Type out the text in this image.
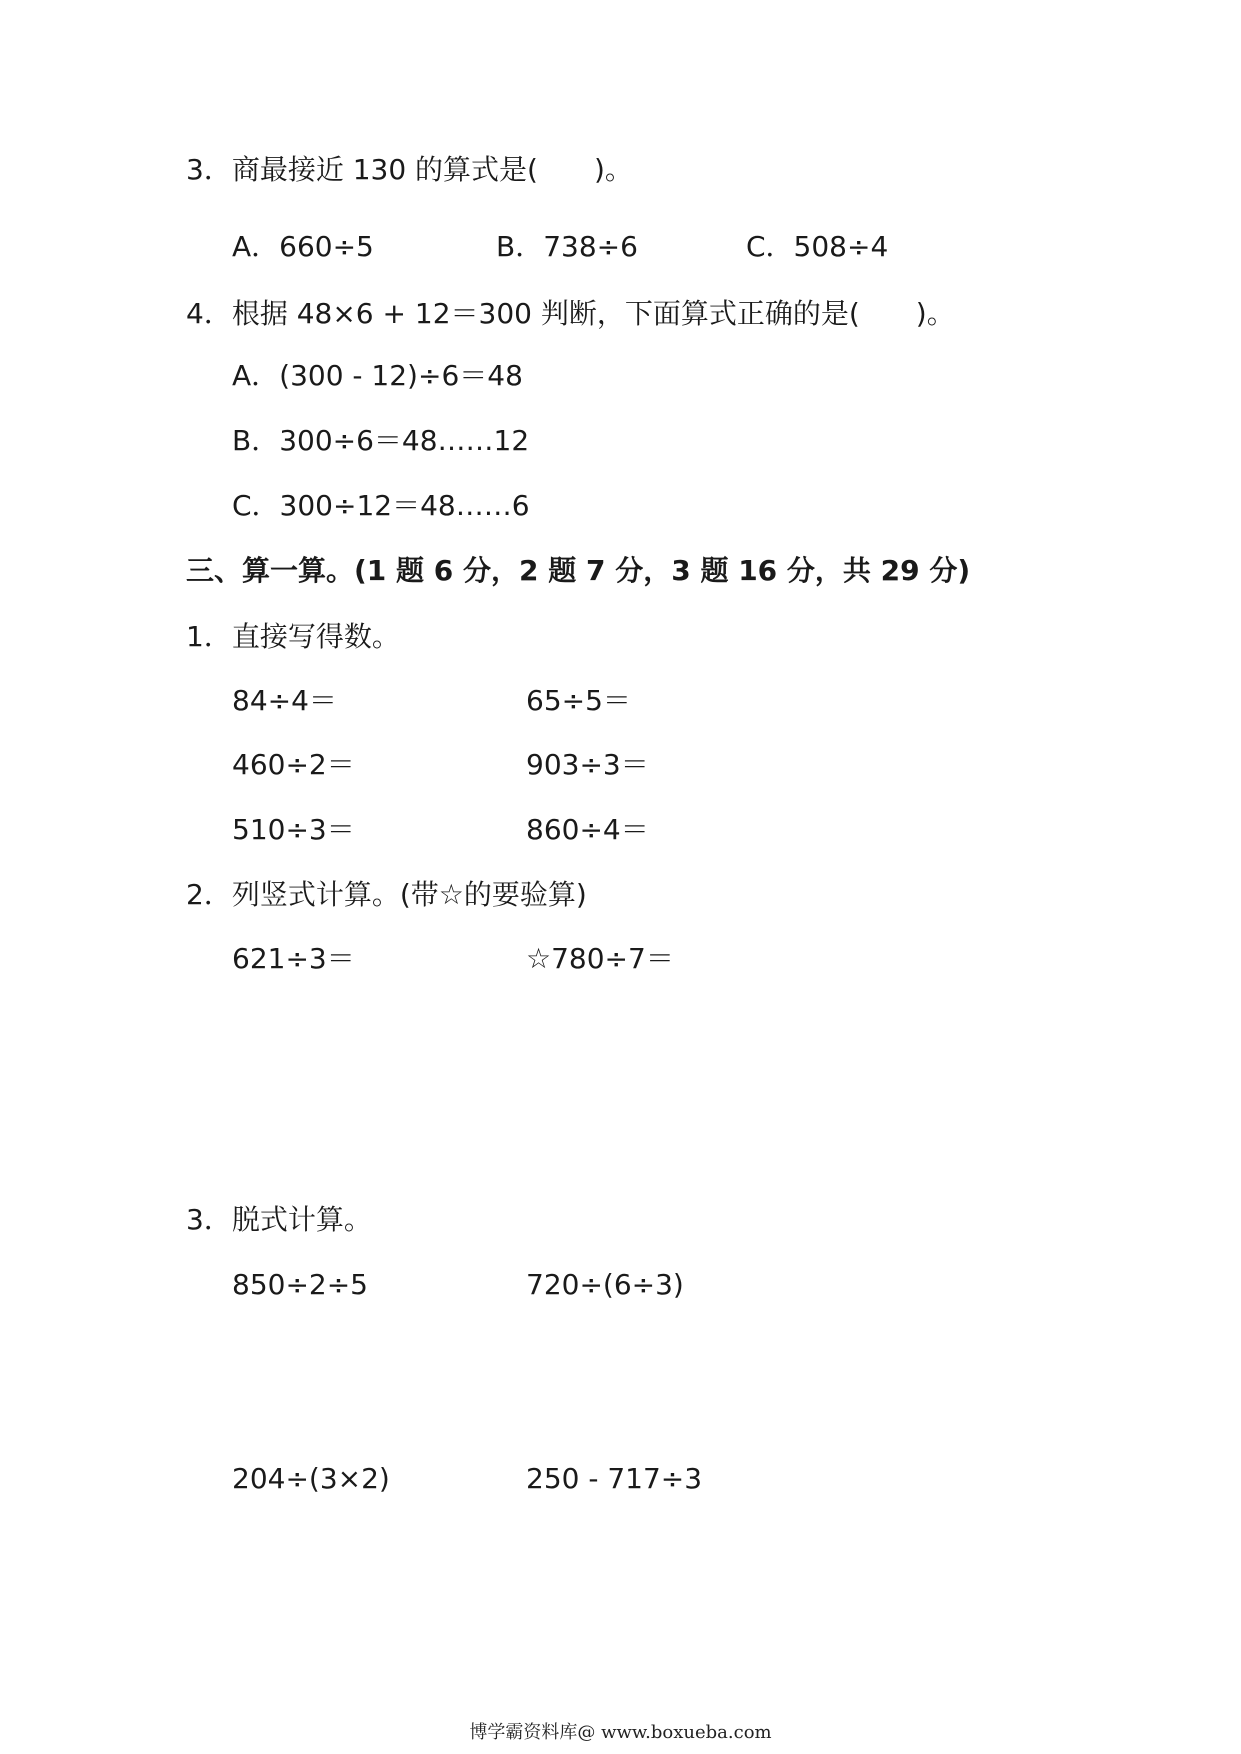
3．商最接近 130 的算式是(　　)。
A．660÷5	B．738÷6	C．508÷4
4．根据 48×6 + 12＝300 判断，下面算式正确的是(　　)。
A．(300 - 12)÷6＝48
B．300÷6＝48……12
C．300÷12＝48……6
三、算一算。(1 题 6 分，2 题 7 分，3 题 16 分，共 29 分)
1．直接写得数。
84÷4＝	65÷5＝
460÷2＝	903÷3＝
510÷3＝	860÷4＝
2．列竖式计算。(带☆的要验算)
621÷3＝	☆780÷7＝
3．脱式计算。
850÷2÷5	720÷(6÷3)
204÷(3×2)	250 - 717÷3
博学霸资料库@ www.boxueba.com
